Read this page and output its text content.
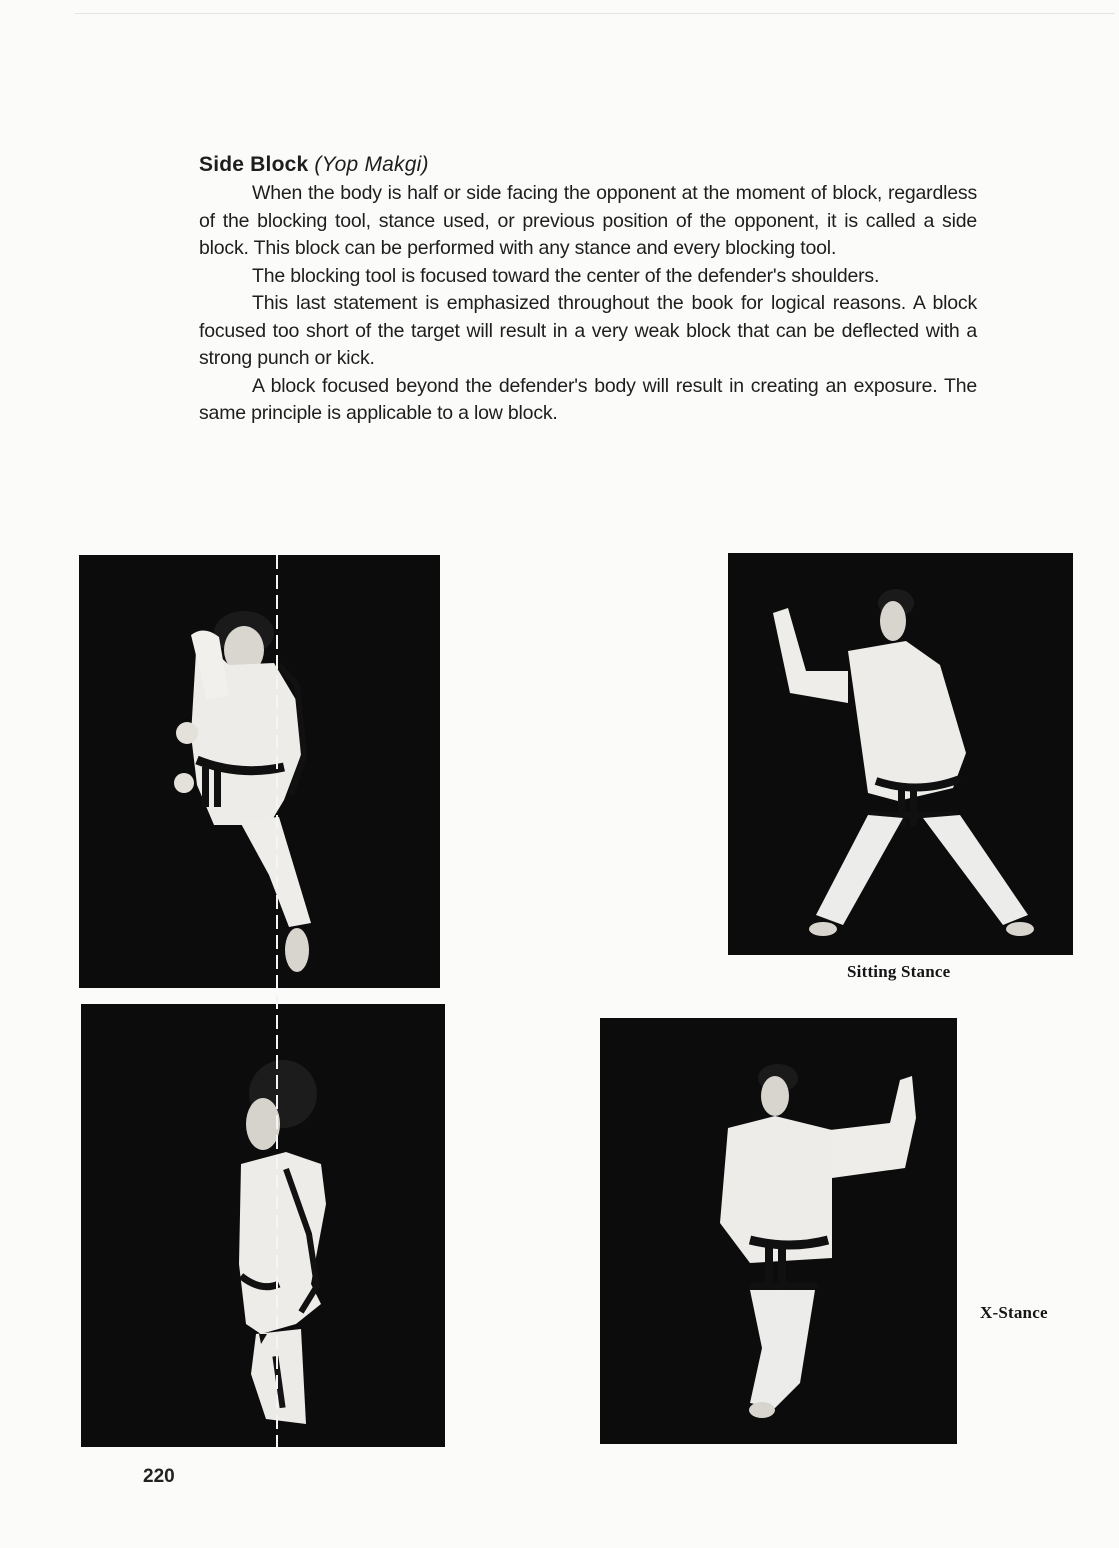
Side Block (Yop Makgi)

When the body is half or side facing the opponent at the moment of block, regardless of the blocking tool, stance used, or previous position of the opponent, it is called a side block. This block can be performed with any stance and every blocking tool.

The blocking tool is focused toward the center of the defender's shoulders.

This last statement is emphasized throughout the book for logical reasons. A block focused too short of the target will result in a very weak block that can be deflected with a strong punch or kick.

A block focused beyond the defender's body will result in creating an exposure. The same principle is applicable to a low block.

Sitting Stance
X-Stance
220
